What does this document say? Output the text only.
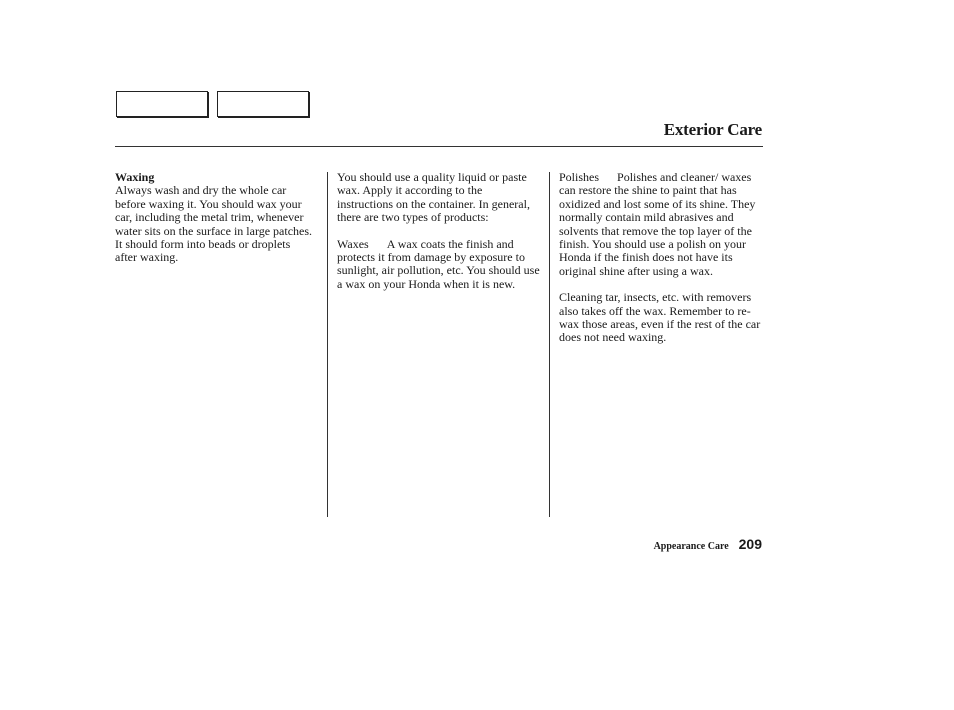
Exterior Care

Waxing
Always wash and dry the whole car before waxing it. You should wax your car, including the metal trim, whenever water sits on the surface in large patches. It should form into beads or droplets after waxing.

You should use a quality liquid or paste wax. Apply it according to the instructions on the container. In general, there are two types of products:

Waxes A wax coats the finish and protects it from damage by exposure to sunlight, air pollution, etc. You should use a wax on your Honda when it is new.

Polishes Polishes and cleaner/ waxes can restore the shine to paint that has oxidized and lost some of its shine. They normally contain mild abrasives and solvents that remove the top layer of the finish. You should use a polish on your Honda if the finish does not have its original shine after using a wax.

Cleaning tar, insects, etc. with removers also takes off the wax. Remember to re-wax those areas, even if the rest of the car does not need waxing.

Appearance Care 209
